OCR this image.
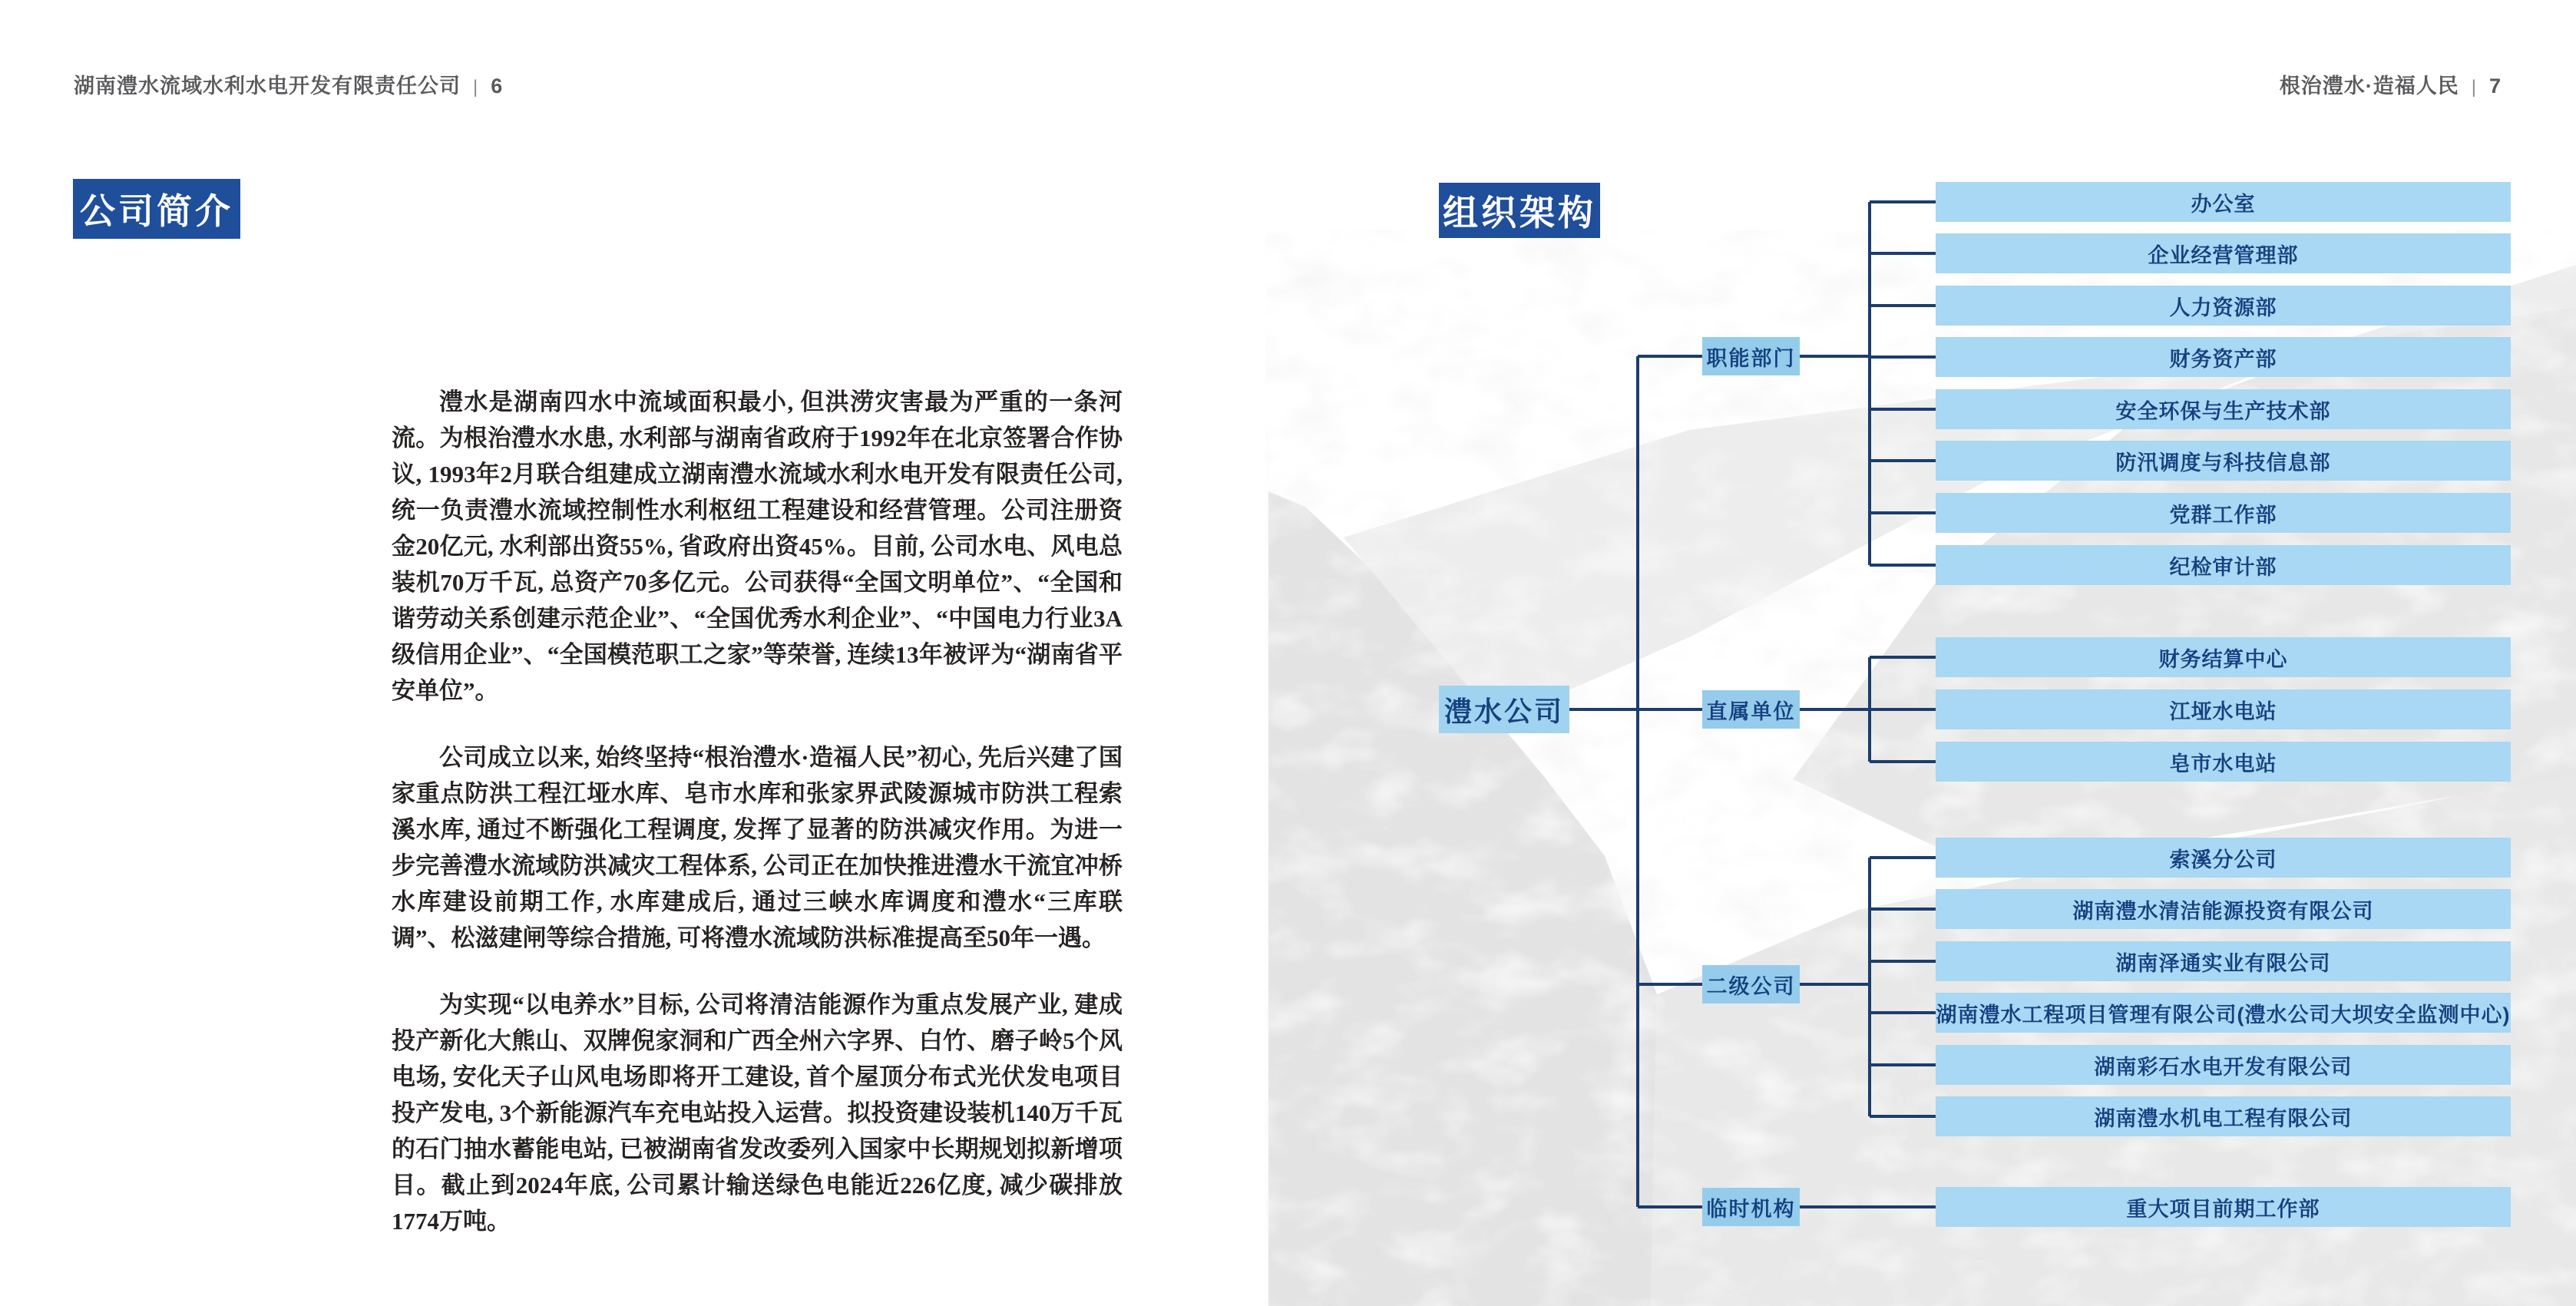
湖南澧水流域水利水电开发有限责任公司 | 6	根治澧水·造福人民 | 7
公司简介	组织架构

澧水是湖南四水中流域面积最小, 但洪涝灾害最为严重的一条河流。为根治澧水水患, 水利部与湖南省政府于1992年在北京签署合作协议, 1993年2月联合组建成立湖南澧水流域水利水电开发有限责任公司, 统一负责澧水流域控制性水利枢纽工程建设和经营管理。公司注册资金20亿元, 水利部出资55%, 省政府出资45%。目前, 公司水电、风电总装机70万千瓦, 总资产70多亿元。公司获得“全国文明单位”、“全国和谐劳动关系创建示范企业”、“全国优秀水利企业”、“中国电力行业3A级信用企业”、“全国模范职工之家”等荣誉, 连续13年被评为“湖南省平安单位”。

公司成立以来, 始终坚持“根治澧水·造福人民”初心, 先后兴建了国家重点防洪工程江垭水库、皂市水库和张家界武陵源城市防洪工程索溪水库, 通过不断强化工程调度, 发挥了显著的防洪减灾作用。为进一步完善澧水流域防洪减灾工程体系, 公司正在加快推进澧水干流宜冲桥水库建设前期工作, 水库建成后, 通过三峡水库调度和澧水“三库联调”、松滋建闸等综合措施, 可将澧水流域防洪标准提高至50年一遇。

为实现“以电养水”目标, 公司将清洁能源作为重点发展产业, 建成投产新化大熊山、双牌倪家洞和广西全州六字界、白竹、磨子岭5个风电场, 安化天子山风电场即将开工建设, 首个屋顶分布式光伏发电项目投产发电, 3个新能源汽车充电站投入运营。拟投资建设装机140万千瓦的石门抽水蓄能电站, 已被湖南省发改委列入国家中长期规划拟新增项目。截止到2024年底, 公司累计输送绿色电能近226亿度, 减少碳排放1774万吨。

澧水公司
职能部门
办公室
企业经营管理部
人力资源部
财务资产部
安全环保与生产技术部
防汛调度与科技信息部
党群工作部
纪检审计部
直属单位
财务结算中心
江垭水电站
皂市水电站
二级公司
索溪分公司
湖南澧水清洁能源投资有限公司
湖南泽通实业有限公司
湖南澧水工程项目管理有限公司(澧水公司大坝安全监测中心)
湖南彩石水电开发有限公司
湖南澧水机电工程有限公司
临时机构	重大项目前期工作部
